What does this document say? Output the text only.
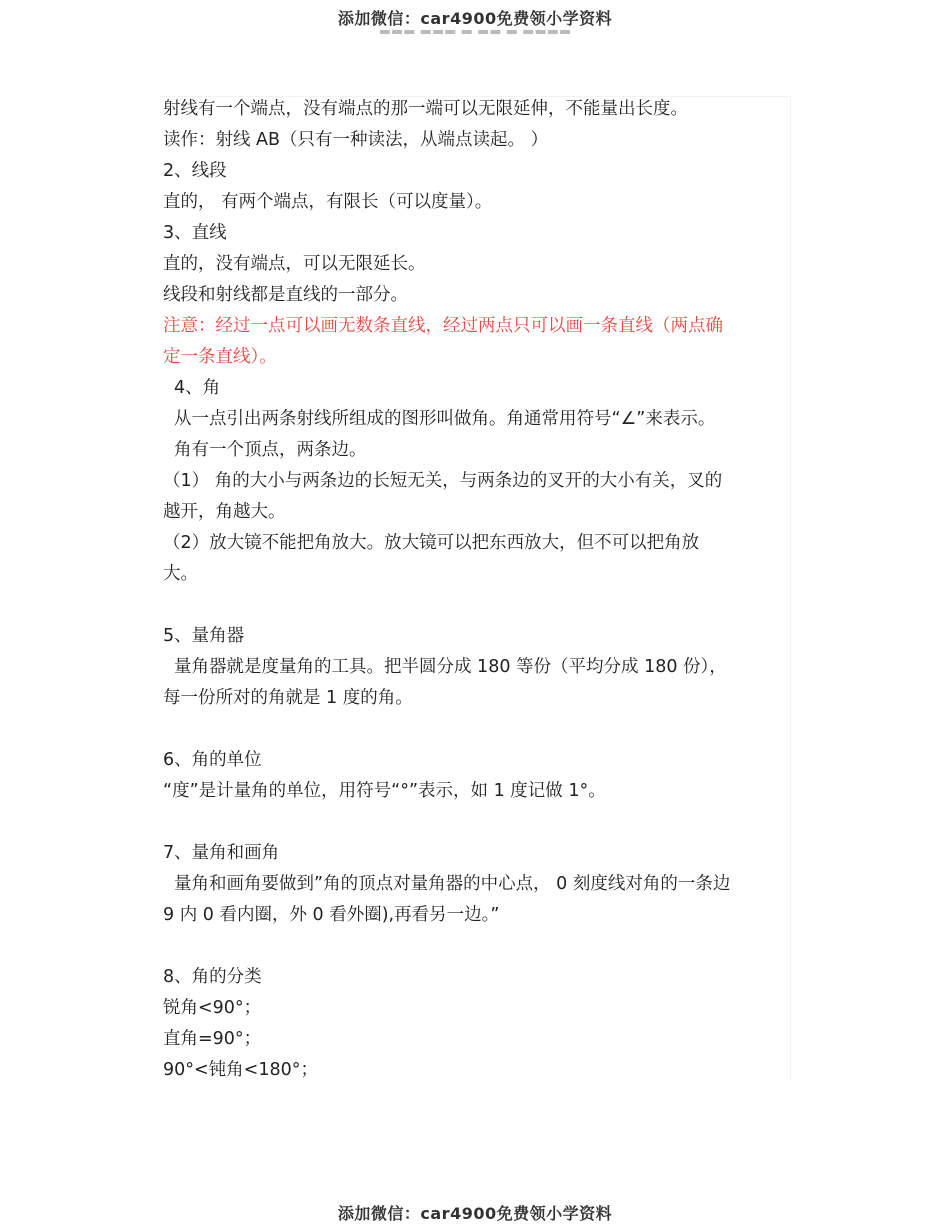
添加微信：car4900免费领小学资料
▬▬▬ ▬▬▬ ▬ ▬▬ ▬ ▬▬▬▬
射线有一个端点，没有端点的那一端可以无限延伸，不能量出长度。
读作：射线 AB（只有一种读法，从端点读起。 ）
2、线段
直的， 有两个端点，有限长（可以度量）。
3、直线
直的，没有端点，可以无限延长。
线段和射线都是直线的一部分。
注意：经过一点可以画无数条直线，经过两点只可以画一条直线（两点确
定一条直线）。
4、角
从一点引出两条射线所组成的图形叫做角。角通常用符号“∠”来表示。
角有一个顶点，两条边。
（1） 角的大小与两条边的长短无关，与两条边的叉开的大小有关，叉的
越开，角越大。
（2）放大镜不能把角放大。放大镜可以把东西放大，但不可以把角放
大。
5、量角器
量角器就是度量角的工具。把半圆分成 180 等份（平均分成 180 份），
每一份所对的角就是 1 度的角。
6、角的单位
“度”是计量角的单位，用符号“°”表示，如 1 度记做 1°。
7、量角和画角
量角和画角要做到”角的顶点对量角器的中心点， 0 刻度线对角的一条边
9 内 0 看内圈，外 0 看外圈),再看另一边。”
8、角的分类
锐角<90°；
直角=90°；
90°<钝角<180°；
添加微信：car4900免费领小学资料
